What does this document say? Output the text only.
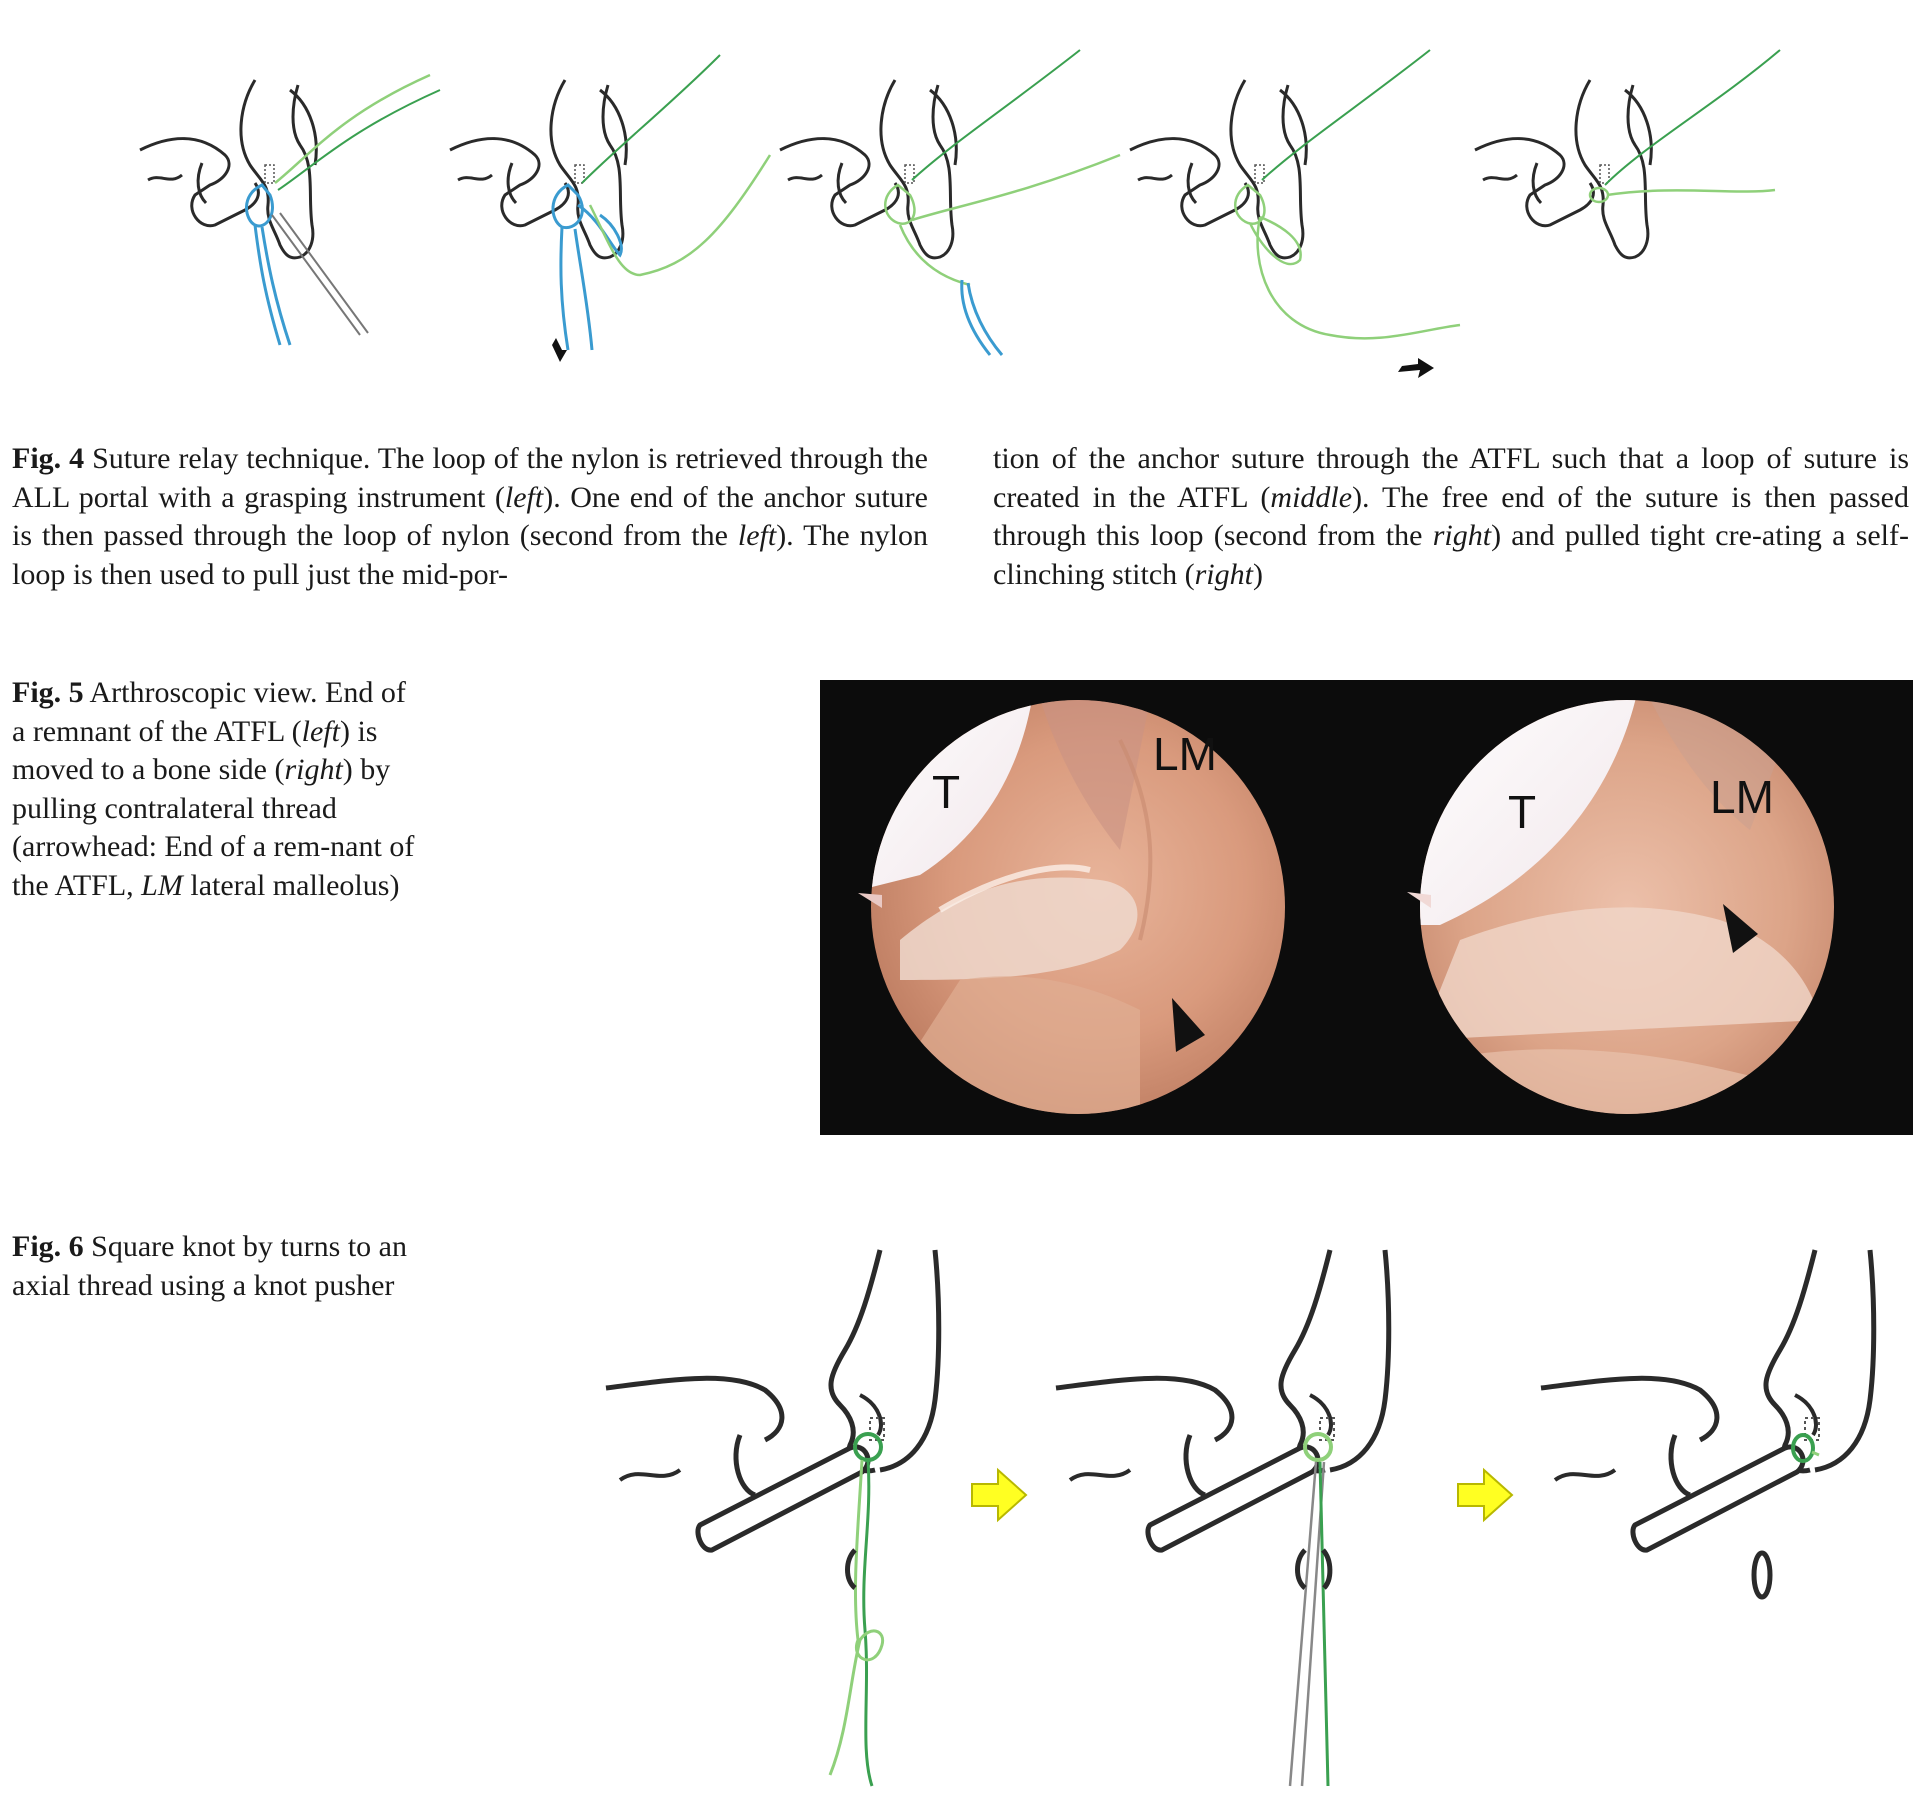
Fig. 4 Suture relay technique. The loop of the nylon is retrieved through the ALL portal with a grasping instrument (left). One end of the anchor suture is then passed through the loop of nylon (second from the left). The nylon loop is then used to pull just the mid-por-
tion of the anchor suture through the ATFL such that a loop of suture is created in the ATFL (middle). The free end of the suture is then passed through this loop (second from the right) and pulled tight cre-ating a self-clinching stitch (right)
Fig. 5 Arthroscopic view. End of a remnant of the ATFL (left) is moved to a bone side (right) by pulling contralateral thread (arrowhead: End of a rem-nant of the ATFL, LM lateral malleolus)
T
LM
T	LM
Fig. 6 Square knot by turns to an axial thread using a knot pusher
